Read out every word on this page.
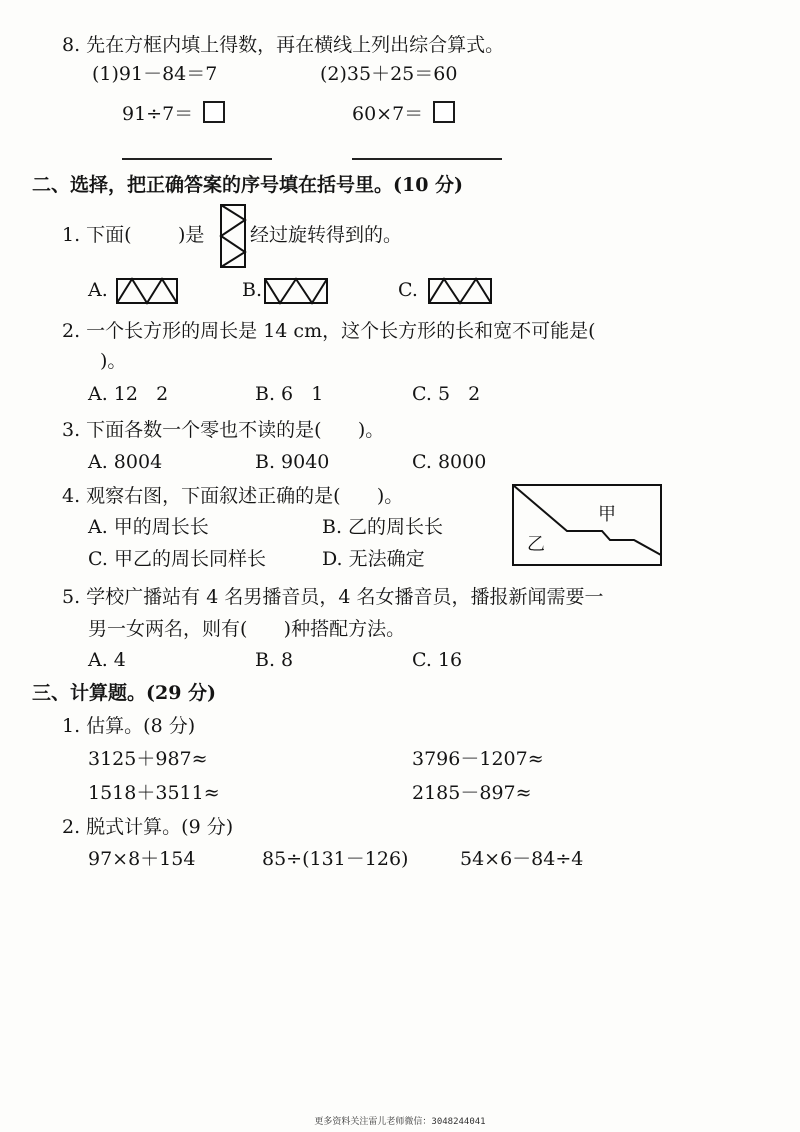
8. 先在方框内填上得数，再在横线上列出综合算式。
(1)91－84＝7	(2)35＋25＝60
91÷7＝	60×7＝
二、选择，把正确答案的序号填在括号里。(10 分)
1. 下面( )是 经过旋转得到的。
A.	B.	C.
2. 一个长方形的周长是 14 cm，这个长方形的长和宽不可能是(
)。
A. 12   2	B. 6   1	C. 5   2
3. 下面各数一个零也不读的是(      )。
A. 8004	B. 9040	C. 8000
4. 观察右图，下面叙述正确的是(      )。
A. 甲的周长长	B. 乙的周长长
C. 甲乙的周长同样长	D. 无法确定
甲
乙
5. 学校广播站有 4 名男播音员，4 名女播音员，播报新闻需要一
男一女两名，则有(      )种搭配方法。
A. 4	B. 8	C. 16
三、计算题。(29 分)
1. 估算。(8 分)
3125＋987≈	3796－1207≈
1518＋3511≈	2185－897≈
2. 脱式计算。(9 分)
97×8＋154	85÷(131－126)	54×6－84÷4
更多资料关注雷儿老师微信：3048244041
